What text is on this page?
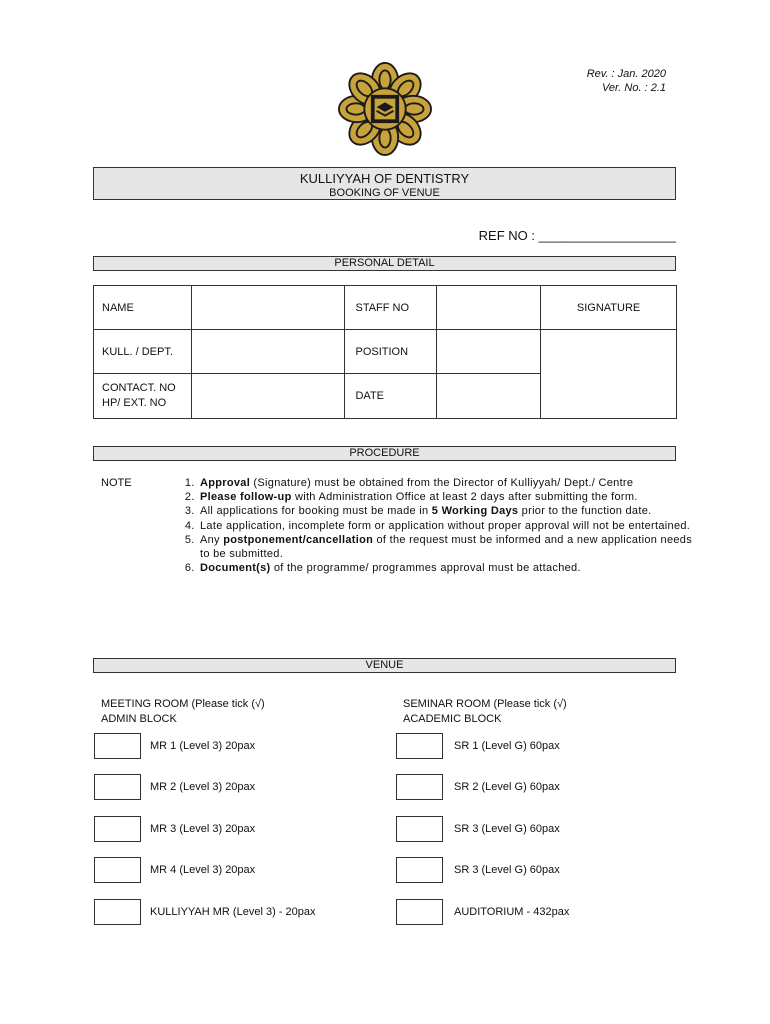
Rev. : Jan. 2020
Ver. No. : 2.1
KULLIYYAH OF DENTISTRY
BOOKING OF VENUE
REF NO : ___________________
PERSONAL DETAIL
NAME		STAFF NO		SIGNATURE
KULL. / DEPT.		POSITION		

CONTACT. NO
HP/ EXT. NO		DATE		
PROCEDURE
NOTE	1. Approval (Signature) must be obtained from the Director of Kulliyyah/ Dept./ Centre
2. Please follow-up with Administration Office at least 2 days after submitting the form.
3. All applications for booking must be made in 5 Working Days prior to the function date.
4. Late application, incomplete form or application without proper approval will not be entertained.
5. Any postponement/cancellation of the request must be informed and a new application needs to be submitted.
6. Document(s) of the programme/ programmes approval must be attached.
VENUE
MEETING ROOM (Please tick (√)
ADMIN BLOCK
SEMINAR ROOM (Please tick (√)
ACADEMIC BLOCK
MR 1 (Level 3) 20pax
MR 2 (Level 3) 20pax
MR 3 (Level 3) 20pax
MR 4 (Level 3) 20pax
KULLIYYAH MR (Level 3) - 20pax
SR 1 (Level G) 60pax
SR 2 (Level G) 60pax
SR 3 (Level G) 60pax
SR 3 (Level G) 60pax
AUDITORIUM - 432pax
